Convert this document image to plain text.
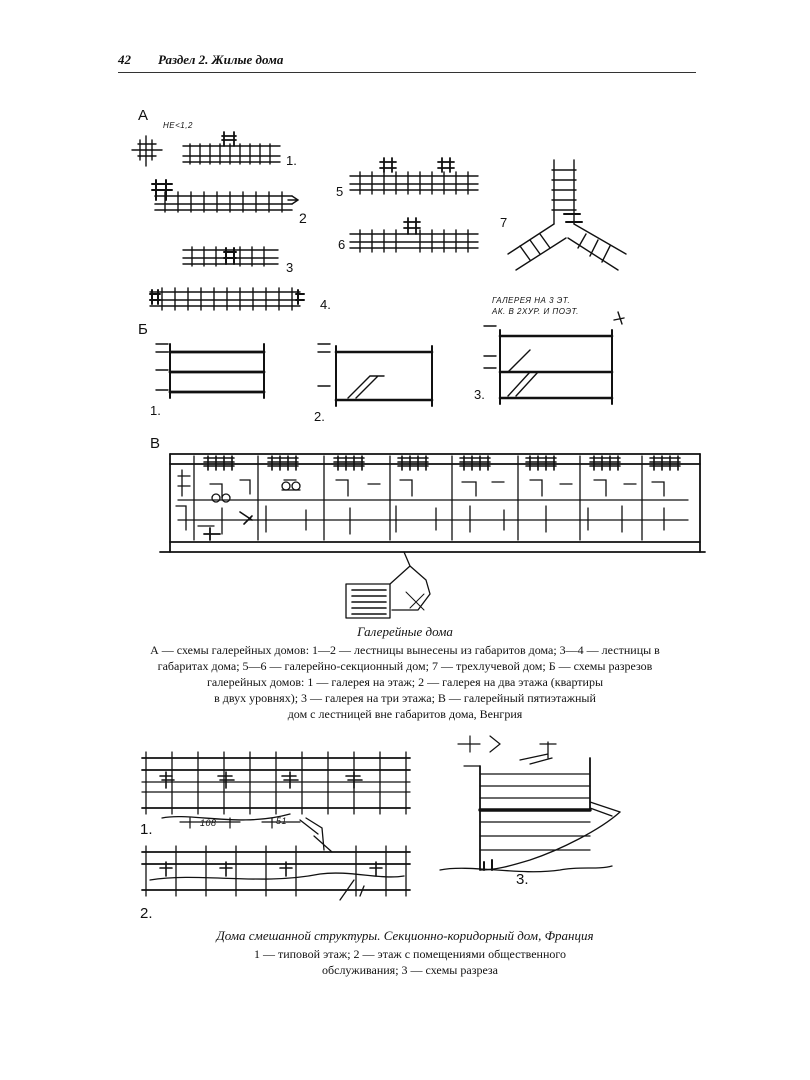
42 Раздел 2. Жилые дома
А
НЕ<1,2
1.
2
3
4.
5
6
7
Б
1.	2.
3.
ГАЛЕРЕЯ НА 3 ЭТ.
АК. В 2ХУР. И ПОЭТ.
В
Галерейные дома
А — схемы галерейных домов: 1—2 — лестницы вынесены из габаритов дома; 3—4 — лестницы в
габаритах дома; 5—6 — галерейно-секционный дом; 7 — трехлучевой дом; Б — схемы разрезов
галерейных домов: 1 — галерея на этаж; 2 — галерея на два этажа (квартиры
в двух уровнях); 3 — галерея на три этажа; В — галерейный пятиэтажный
дом с лестницей вне габаритов дома, Венгрия
1.
2.
3.
108	51
Дома смешанной структуры. Секционно-коридорный дом, Франция
1 — типовой этаж; 2 — этаж с помещениями общественного
обслуживания; 3 — схемы разреза
